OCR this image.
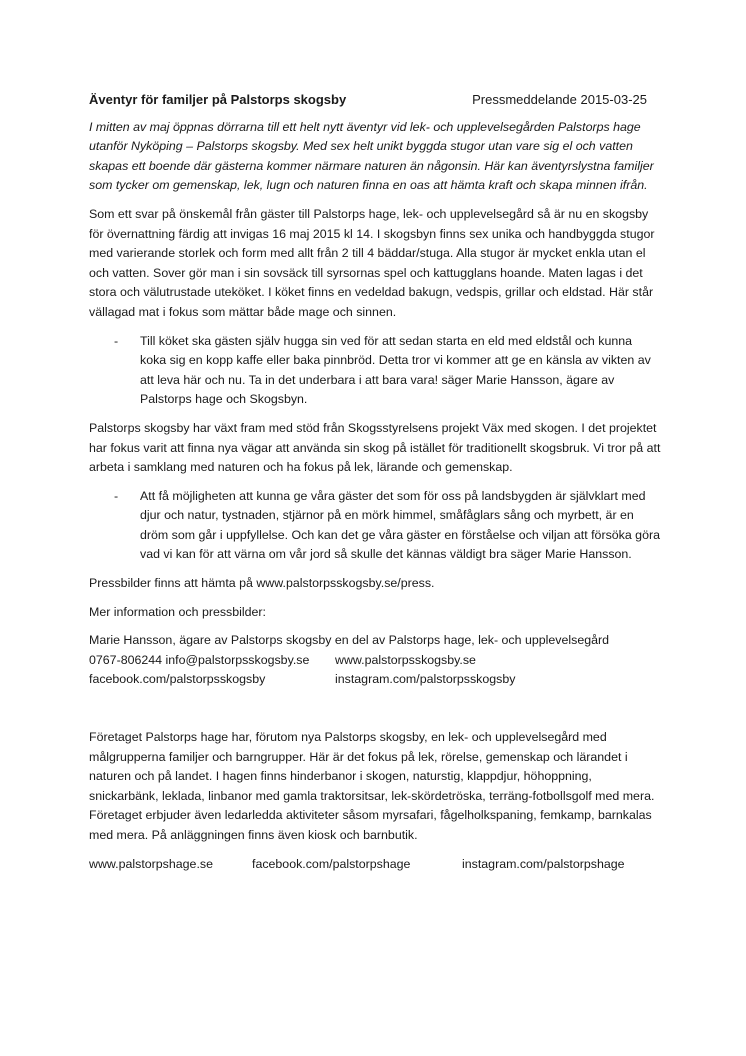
Äventyr för familjer på Palstorps skogsby	Pressmeddelande 2015-03-25

I mitten av maj öppnas dörrarna till ett helt nytt äventyr vid lek- och upplevelsegården Palstorps hage utanför Nyköping – Palstorps skogsby. Med sex helt unikt byggda stugor utan vare sig el och vatten skapas ett boende där gästerna kommer närmare naturen än någonsin. Här kan äventyrslystna familjer som tycker om gemenskap, lek, lugn och naturen finna en oas att hämta kraft och skapa minnen ifrån.

Som ett svar på önskemål från gäster till Palstorps hage, lek- och upplevelsegård så är nu en skogsby för övernattning färdig att invigas 16 maj 2015 kl 14. I skogsbyn finns sex unika och handbyggda stugor med varierande storlek och form med allt från 2 till 4 bäddar/stuga. Alla stugor är mycket enkla utan el och vatten. Sover gör man i sin sovsäck till syrsornas spel och kattugglans hoande. Maten lagas i det stora och välutrustade uteköket. I köket finns en vedeldad bakugn, vedspis, grillar och eldstad. Här står vällagad mat i fokus som mättar både mage och sinnen.

-	Till köket ska gästen själv hugga sin ved för att sedan starta en eld med eldstål och kunna koka sig en kopp kaffe eller baka pinnbröd. Detta tror vi kommer att ge en känsla av vikten av att leva här och nu. Ta in det underbara i att bara vara! säger Marie Hansson, ägare av Palstorps hage och Skogsbyn.

Palstorps skogsby har växt fram med stöd från Skogsstyrelsens projekt Väx med skogen. I det projektet har fokus varit att finna nya vägar att använda sin skog på istället för traditionellt skogsbruk. Vi tror på att arbeta i samklang med naturen och ha fokus på lek, lärande och gemenskap.

-	Att få möjligheten att kunna ge våra gäster det som för oss på landsbygden är självklart med djur och natur, tystnaden, stjärnor på en mörk himmel, småfåglars sång och myrbett, är en dröm som går i uppfyllelse. Och kan det ge våra gäster en förståelse och viljan att försöka göra vad vi kan för att värna om vår jord så skulle det kännas väldigt bra säger Marie Hansson.

Pressbilder finns att hämta på www.palstorpsskogsby.se/press.

Mer information och pressbilder:

Marie Hansson, ägare av Palstorps skogsby en del av Palstorps hage, lek- och upplevelsegård
0767-806244 info@palstorpsskogsby.se	www.palstorpsskogsby.se
facebook.com/palstorpsskogsby	instagram.com/palstorpsskogsby

Företaget Palstorps hage har, förutom nya Palstorps skogsby, en lek- och upplevelsegård med målgrupperna familjer och barngrupper. Här är det fokus på lek, rörelse, gemenskap och lärandet i naturen och på landet. I hagen finns hinderbanor i skogen, naturstig, klappdjur, höhoppning, snickarbänk, leklada, linbanor med gamla traktorsitsar, lek-skördetröska, terräng-fotbollsgolf med mera. Företaget erbjuder även ledarledda aktiviteter såsom myrsafari, fågelholkspaning, femkamp, barnkalas med mera. På anläggningen finns även kiosk och barnbutik.

www.palstorpshage.se	facebook.com/palstorpshage	instagram.com/palstorpshage
